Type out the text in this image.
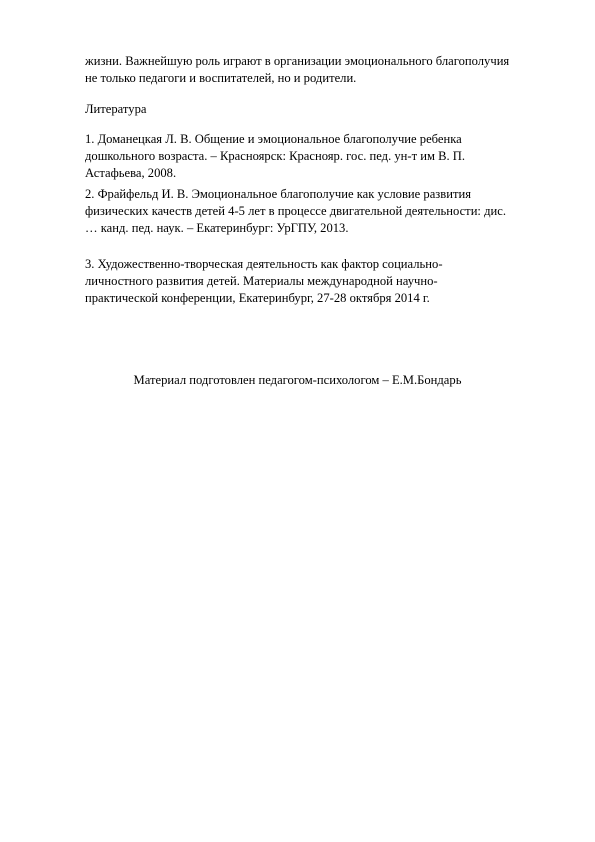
жизни. Важнейшую роль играют в организации эмоционального благополучия
не только педагоги и воспитателей, но и родители.
Литература
1. Доманецкая Л. В. Общение и эмоциональное благополучие ребенка
дошкольного возраста. – Красноярск: Краснояр. гос. пед. ун-т им В. П.
Астафьева, 2008.
2. Фрайфельд И. В. Эмоциональное благополучие как условие развития
физических качеств детей 4-5 лет в процессе двигательной деятельности: дис.
… канд. пед. наук. – Екатеринбург: УрГПУ, 2013.
3. Художественно-творческая деятельность как фактор социально-
личностного развития детей. Материалы международной научно-
практической конференции, Екатеринбург, 27-28 октября 2014 г.
Материал подготовлен педагогом-психологом – Е.М.Бондарь
